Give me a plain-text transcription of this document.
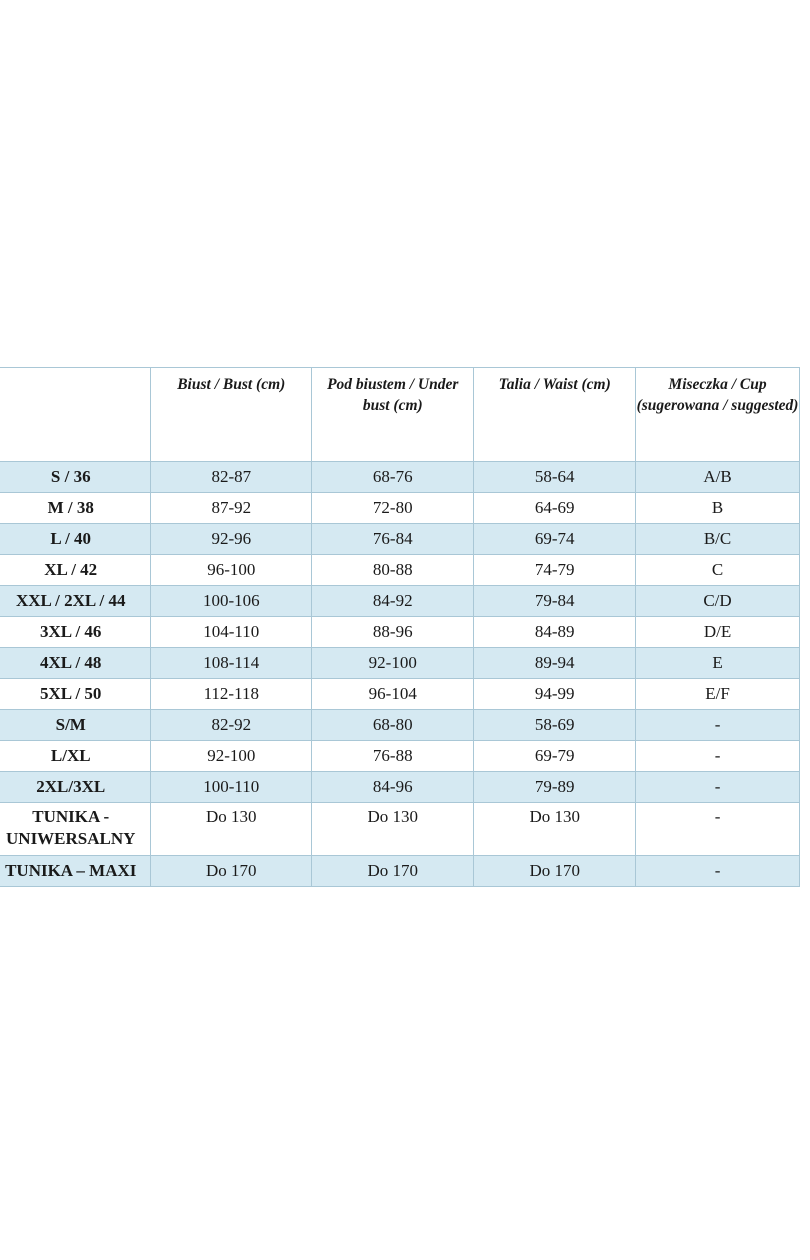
	Biust / Bust (cm)	Pod biustem / Under bust (cm)	Talia / Waist (cm)	Miseczka / Cup (sugerowana / suggested)
S / 36	82-87	68-76	58-64	A/B
M / 38	87-92	72-80	64-69	B
L / 40	92-96	76-84	69-74	B/C
XL / 42	96-100	80-88	74-79	C
XXL / 2XL / 44	100-106	84-92	79-84	C/D
3XL / 46	104-110	88-96	84-89	D/E
4XL / 48	108-114	92-100	89-94	E
5XL / 50	112-118	96-104	94-99	E/F
S/M	82-92	68-80	58-69	-
L/XL	92-100	76-88	69-79	-
2XL/3XL	100-110	84-96	79-89	-
TUNIKA - UNIWERSALNY	Do 130	Do 130	Do 130	-
TUNIKA – MAXI	Do 170	Do 170	Do 170	-
